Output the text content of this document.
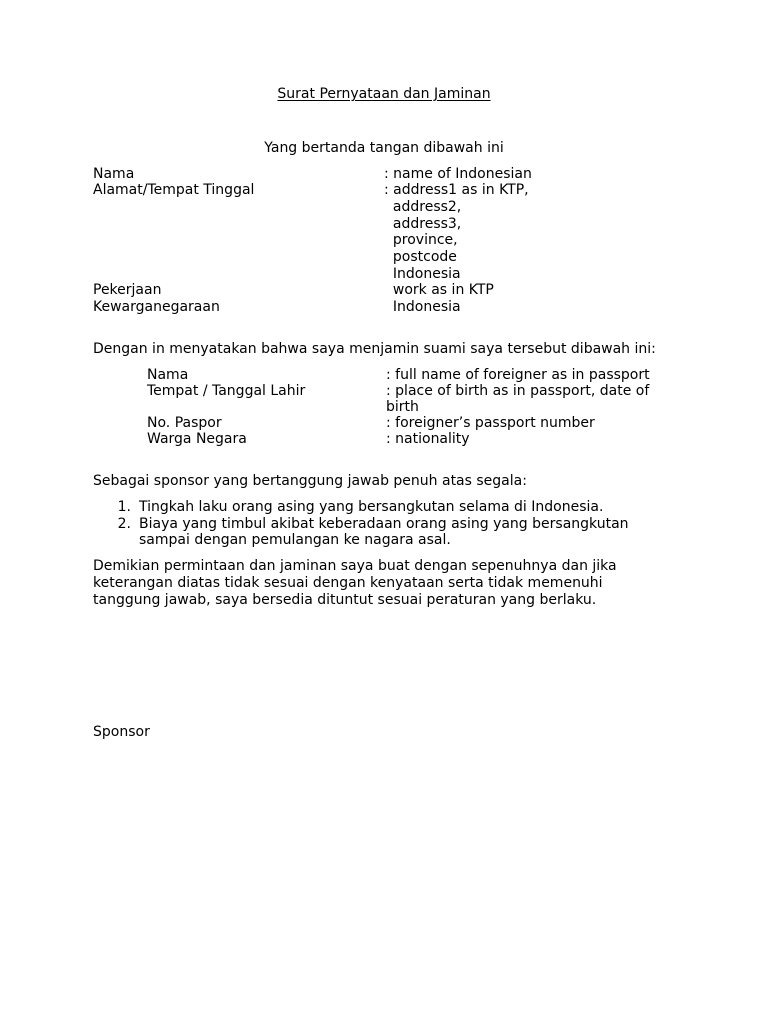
Surat Pernyataan dan Jaminan
Yang bertanda tangan dibawah ini
Nama	: name of Indonesian
Alamat/Tempat Tinggal	: address1 as in KTP,
address2,
address3,
province,
postcode
Indonesia
Pekerjaan	work as in KTP
Kewarganegaraan	Indonesia
Dengan in menyatakan bahwa saya menjamin suami saya tersebut dibawah ini:
Nama	: full name of foreigner as in passport
Tempat / Tanggal Lahir	: place of birth as in passport, date of
birth
No. Paspor	: foreigner’s passport number
Warga Negara	: nationality
Sebagai sponsor yang bertanggung jawab penuh atas segala:
1. Tingkah laku orang asing yang bersangkutan selama di Indonesia.
2. Biaya yang timbul akibat keberadaan orang asing yang bersangkutan
sampai dengan pemulangan ke nagara asal.
Demikian permintaan dan jaminan saya buat dengan sepenuhnya dan jika
keterangan diatas tidak sesuai dengan kenyataan serta tidak memenuhi
tanggung jawab, saya bersedia dituntut sesuai peraturan yang berlaku.
Sponsor
